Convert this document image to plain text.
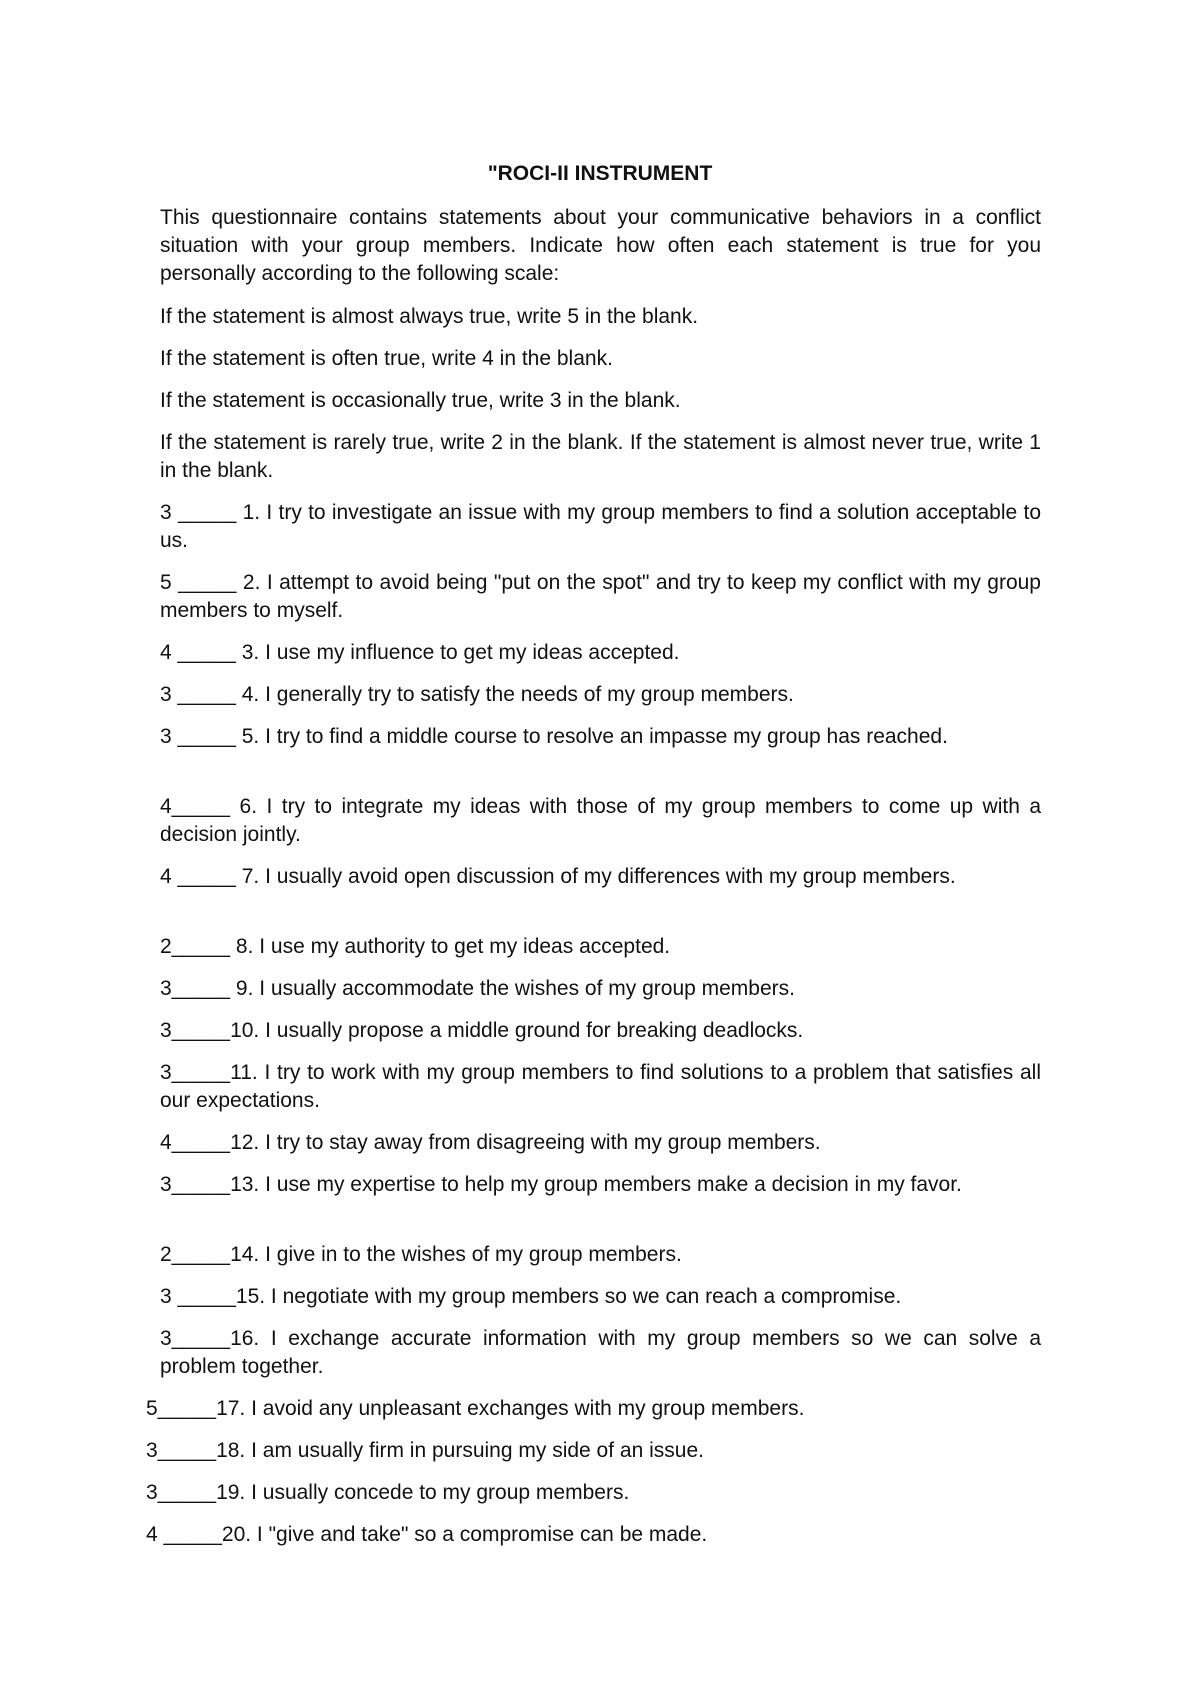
"ROCI-II INSTRUMENT
This questionnaire contains statements about your communicative behaviors in a conflict situation with your group members. Indicate how often each statement is true for you personally according to the following scale:
If the statement is almost always true, write 5 in the blank.
If the statement is often true, write 4 in the blank.
If the statement is occasionally true, write 3 in the blank.
If the statement is rarely true, write 2 in the blank. If the statement is almost never true, write 1 in the blank.
3 _____ 1. I try to investigate an issue with my group members to find a solution acceptable to us.
5 _____ 2. I attempt to avoid being "put on the spot" and try to keep my conflict with my group members to myself.
4 _____ 3. I use my influence to get my ideas accepted.
3 _____ 4. I generally try to satisfy the needs of my group members.
3 _____ 5. I try to find a middle course to resolve an impasse my group has reached.
4_____ 6. I try to integrate my ideas with those of my group members to come up with a decision jointly.
4 _____ 7. I usually avoid open discussion of my differences with my group members.
2_____ 8. I use my authority to get my ideas accepted.
3_____ 9. I usually accommodate the wishes of my group members.
3_____10. I usually propose a middle ground for breaking deadlocks.
3_____11. I try to work with my group members to find solutions to a problem that satisfies all our expectations.
4_____12. I try to stay away from disagreeing with my group members.
3_____13. I use my expertise to help my group members make a decision in my favor.
2_____14. I give in to the wishes of my group members.
3 _____15. I negotiate with my group members so we can reach a compromise.
3_____16. I exchange accurate information with my group members so we can solve a problem together.
5_____17. I avoid any unpleasant exchanges with my group members.
3_____18. I am usually firm in pursuing my side of an issue.
3_____19. I usually concede to my group members.
4 _____20. I "give and take" so a compromise can be made.
